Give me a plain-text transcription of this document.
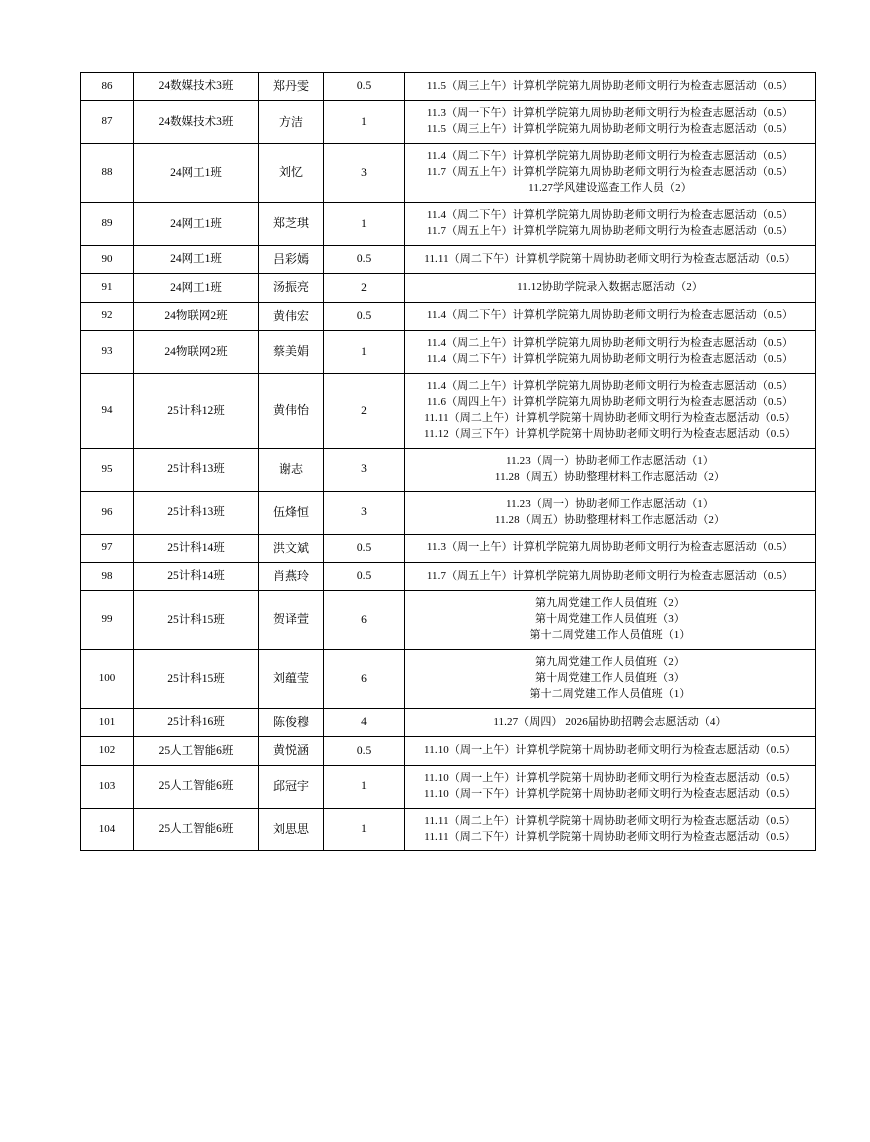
86	24数媒技术3班	郑丹雯	0.5	11.5（周三上午）计算机学院第九周协助老师文明行为检查志愿活动（0.5）

87	24数媒技术3班	方洁	1	11.3（周一下午）计算机学院第九周协助老师文明行为检查志愿活动（0.5）
11.5（周三上午）计算机学院第九周协助老师文明行为检查志愿活动（0.5）

88	24网工1班	刘忆	3	11.4（周二下午）计算机学院第九周协助老师文明行为检查志愿活动（0.5）
11.7（周五上午）计算机学院第九周协助老师文明行为检查志愿活动（0.5）
11.27学风建设巡查工作人员（2）

89	24网工1班	郑芝琪	1	11.4（周二下午）计算机学院第九周协助老师文明行为检查志愿活动（0.5）
11.7（周五上午）计算机学院第九周协助老师文明行为检查志愿活动（0.5）

90	24网工1班	吕彩嫣	0.5	11.11（周二下午）计算机学院第十周协助老师文明行为检查志愿活动（0.5）

91	24网工1班	汤振亮	2	11.12协助学院录入数据志愿活动（2）

92	24物联网2班	黄伟宏	0.5	11.4（周二下午）计算机学院第九周协助老师文明行为检查志愿活动（0.5）

93	24物联网2班	蔡美娟	1	11.4（周二上午）计算机学院第九周协助老师文明行为检查志愿活动（0.5）
11.4（周二下午）计算机学院第九周协助老师文明行为检查志愿活动（0.5）

94	25计科12班	黄伟怡	2	11.4（周二上午）计算机学院第九周协助老师文明行为检查志愿活动（0.5）
11.6（周四上午）计算机学院第九周协助老师文明行为检查志愿活动（0.5）
11.11（周二上午）计算机学院第十周协助老师文明行为检查志愿活动（0.5）
11.12（周三下午）计算机学院第十周协助老师文明行为检查志愿活动（0.5）

95	25计科13班	谢志	3	11.23（周一）协助老师工作志愿活动（1）
11.28（周五）协助整理材料工作志愿活动（2）

96	25计科13班	伍烽恒	3	11.23（周一）协助老师工作志愿活动（1）
11.28（周五）协助整理材料工作志愿活动（2）

97	25计科14班	洪文斌	0.5	11.3（周一上午）计算机学院第九周协助老师文明行为检查志愿活动（0.5）

98	25计科14班	肖燕玲	0.5	11.7（周五上午）计算机学院第九周协助老师文明行为检查志愿活动（0.5）

99	25计科15班	贺译萱	6	第九周党建工作人员值班（2）
第十周党建工作人员值班（3）
第十二周党建工作人员值班（1）

100	25计科15班	刘蕴莹	6	第九周党建工作人员值班（2）
第十周党建工作人员值班（3）
第十二周党建工作人员值班（1）

101	25计科16班	陈俊穆	4	11.27（周四） 2026届协助招聘会志愿活动（4）

102	25人工智能6班	黄悦涵	0.5	11.10（周一上午）计算机学院第十周协助老师文明行为检查志愿活动（0.5）

103	25人工智能6班	邱冠宇	1	11.10（周一上午）计算机学院第十周协助老师文明行为检查志愿活动（0.5）
11.10（周一下午）计算机学院第十周协助老师文明行为检查志愿活动（0.5）

104	25人工智能6班	刘思思	1	11.11（周二上午）计算机学院第十周协助老师文明行为检查志愿活动（0.5）
11.11（周二下午）计算机学院第十周协助老师文明行为检查志愿活动（0.5）
